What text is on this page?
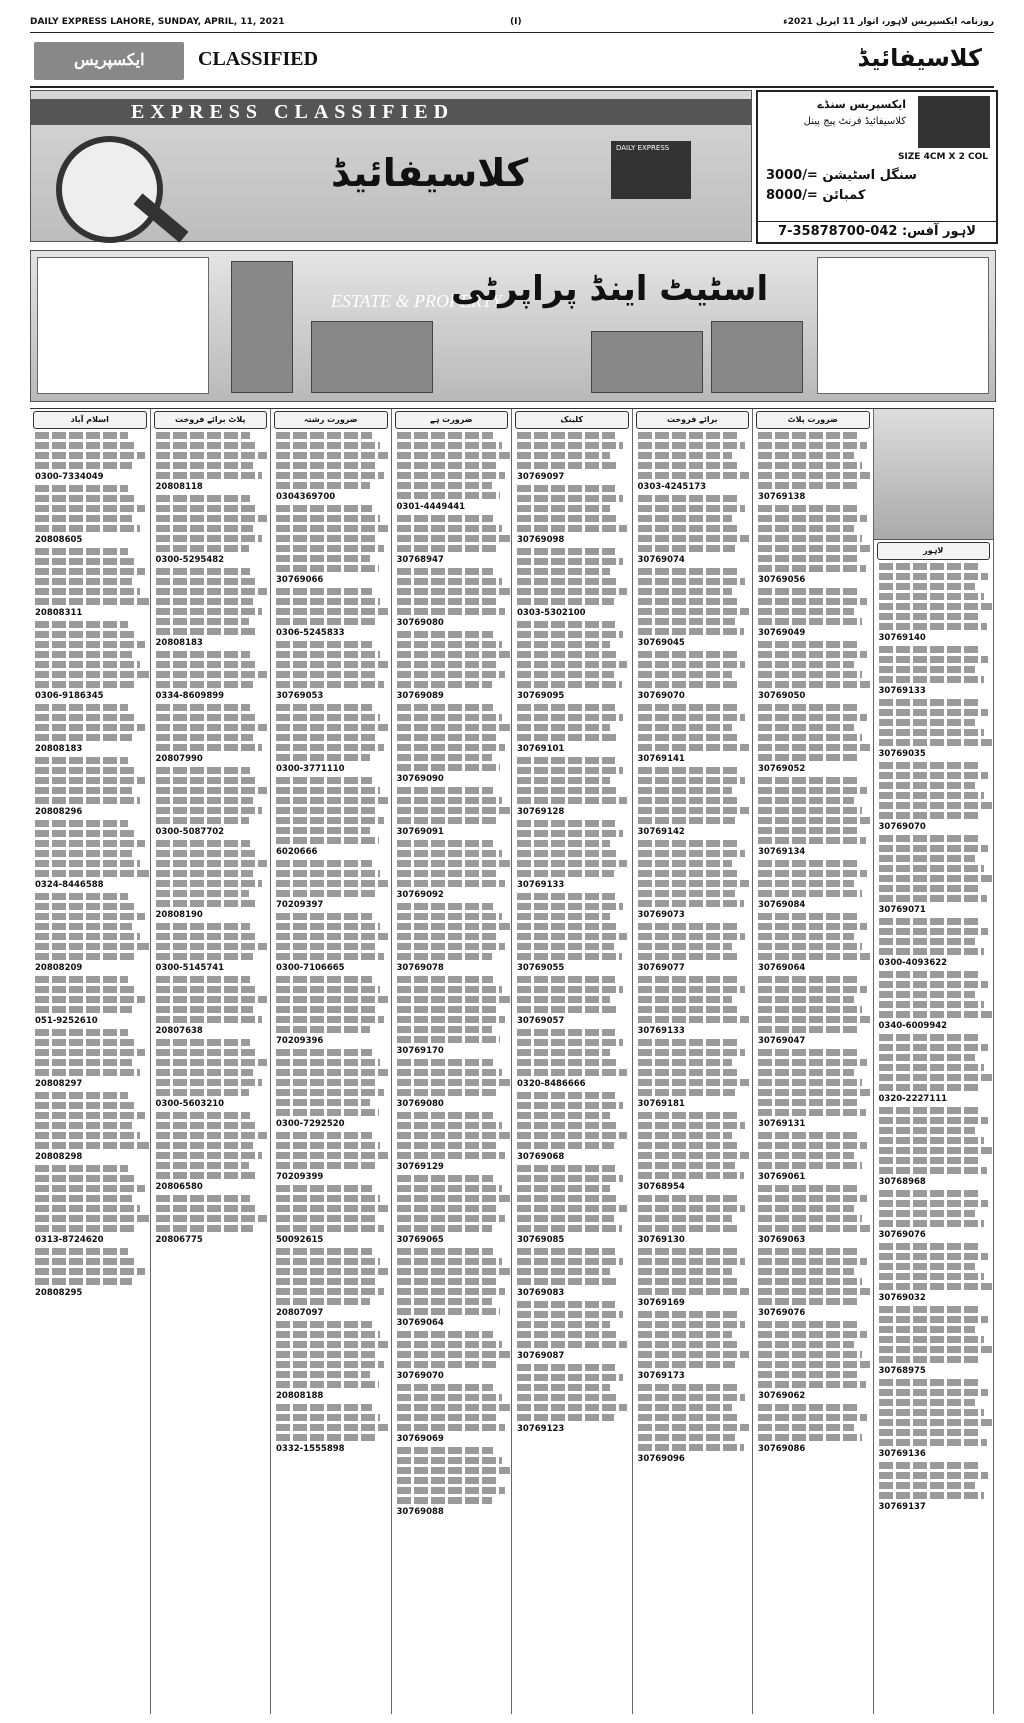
DAILY EXPRESS LAHORE, SUNDAY, APRIL, 11, 2021	(I)	روزنامہ ایکسپریس لاہور، اتوار 11 اپریل 2021ء
ایکسپریس	CLASSIFIED	کلاسیفائیڈ
EXPRESS CLASSIFIED
کلاسیفائیڈ
DAILY EXPRESS
ایکسپریس سنڈے
کلاسیفائیڈ فرنٹ پیج پینل
SIZE 4CM X 2 COL
سنگل اسٹیشن =/3000
کمبائن =/8000
لاہور آفس: 042-35878700-7
ESTATE & PROPERTY
اسٹیٹ اینڈ پراپرٹی
اسلام آباد
0300-7334049
20808605
20808311
0306-9186345
20808183
20808296
0324-8446588
20808209
051-9252610
20808297
20808298
0313-8724620
20808295
پلاٹ برائے فروخت
20808118
0300-5295482
20808183
0334-8609899
20807990
0300-5087702
20808190
0300-5145741
20807638
0300-5603210
20806580
20806775
ضرورت رشتہ
0304369700
30769066
0306-5245833
30769053
0300-3771110
6020666
70209397
0300-7106665
70209396
0300-7292520
70209399
50092615
20807097
20808188
0332-1555898
ضرورت ہے
0301-4449441
30768947
30769080
30769089
30769090
30769091
30769092
30769078
30769170
30769080
30769129
30769065
30769064
30769070
30769069
30769088
کلینک
30769097
30769098
0303-5302100
30769095
30769101
30769128
30769133
30769055
30769057
0320-8486666
30769068
30769085
30769083
30769087
30769123
برائے فروخت
0303-4245173
30769074
30769045
30769070
30769141
30769142
30769073
30769077
30769133
30769181
30768954
30769130
30769169
30769173
30769096
ضرورت پلاٹ
30769138
30769056
30769049
30769050
30769052
30769134
30769084
30769064
30769047
30769131
30769061
30769063
30769076
30769062
30769086
لاہور
30769140
30769133
30769035
30769070
30769071
0300-4093622
0340-6009942
0320-2227111
30768968
30769076
30769032
30768975
30769136
30769137
